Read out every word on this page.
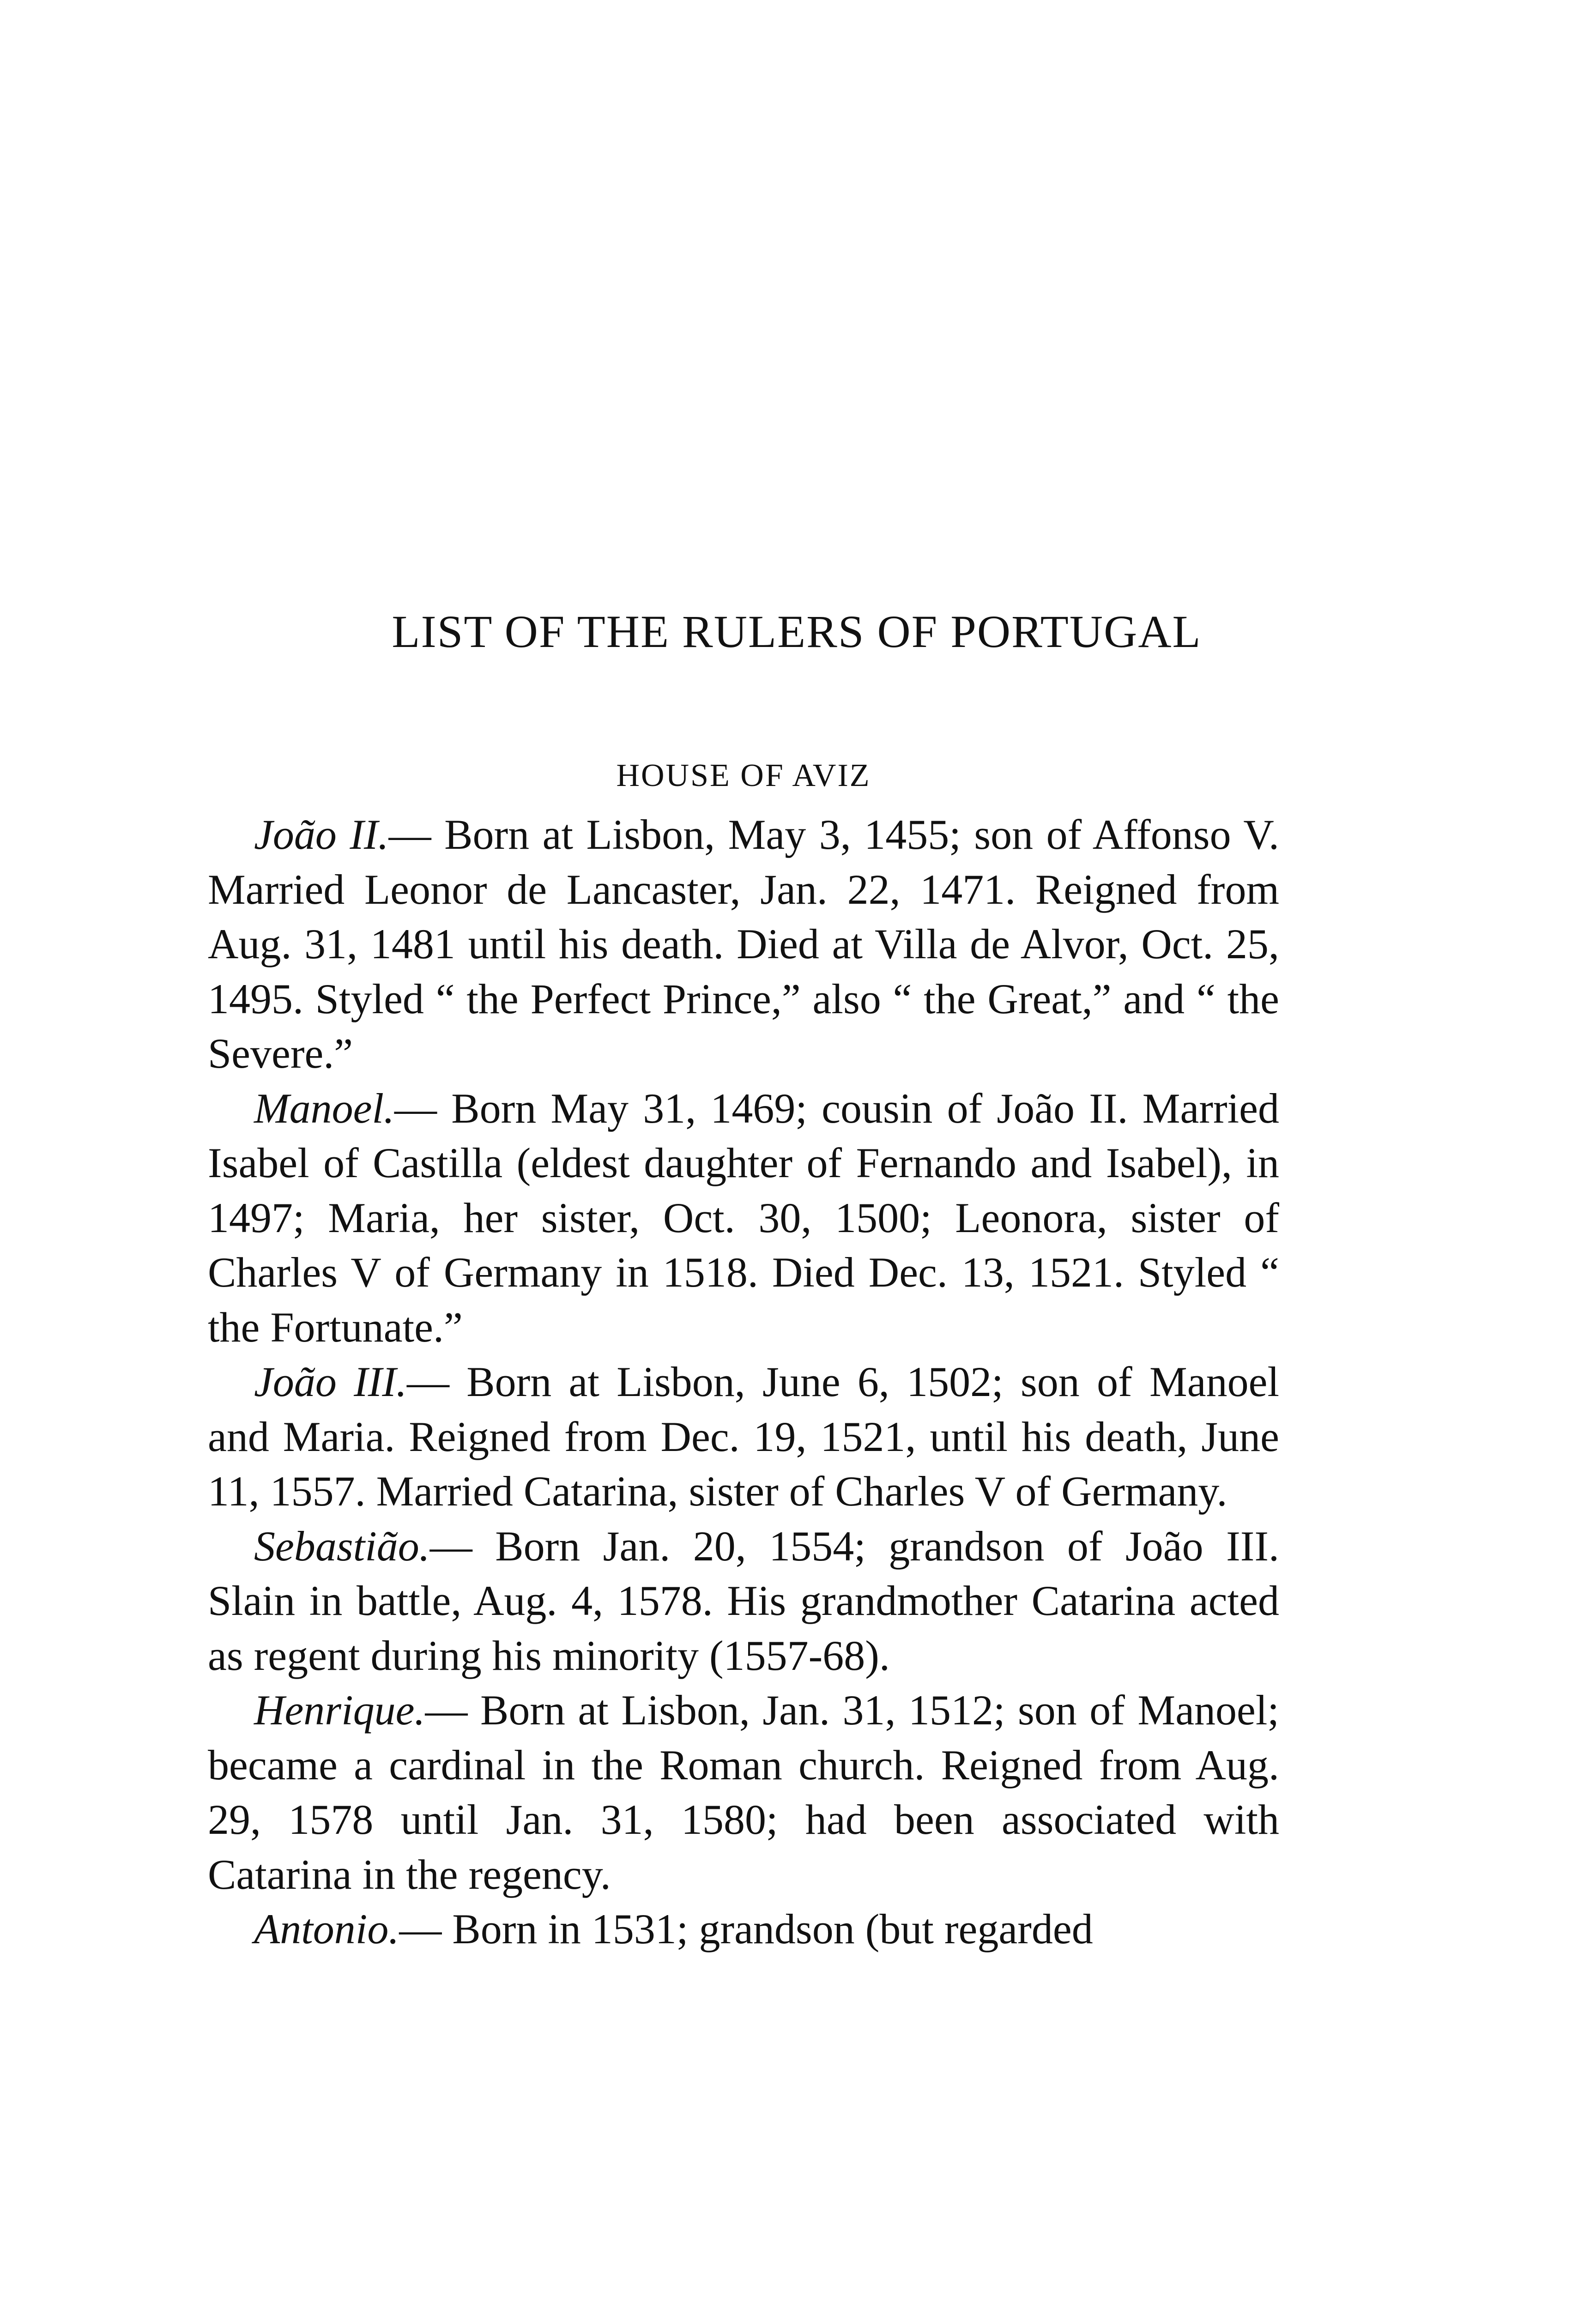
LIST OF THE RULERS OF PORTUGAL
HOUSE OF AVIZ

João II.— Born at Lisbon, May 3, 1455; son of Affonso V. Married Leonor de Lancaster, Jan. 22, 1471. Reigned from Aug. 31, 1481 until his death. Died at Villa de Alvor, Oct. 25, 1495. Styled “ the Perfect Prince,” also “ the Great,” and “ the Severe.”

Manoel.— Born May 31, 1469; cousin of João II. Married Isabel of Castilla (eldest daughter of Fernando and Isabel), in 1497; Maria, her sister, Oct. 30, 1500; Leonora, sister of Charles V of Germany in 1518. Died Dec. 13, 1521. Styled “ the Fortunate.”

João III.— Born at Lisbon, June 6, 1502; son of Manoel and Maria. Reigned from Dec. 19, 1521, until his death, June 11, 1557. Married Catarina, sister of Charles V of Germany.

Sebastião.— Born Jan. 20, 1554; grandson of João III. Slain in battle, Aug. 4, 1578. His grandmother Catarina acted as regent during his minority (1557-68).

Henrique.— Born at Lisbon, Jan. 31, 1512; son of Manoel; became a cardinal in the Roman church. Reigned from Aug. 29, 1578 until Jan. 31, 1580; had been associated with Catarina in the regency.

Antonio.— Born in 1531; grandson (but regarded
